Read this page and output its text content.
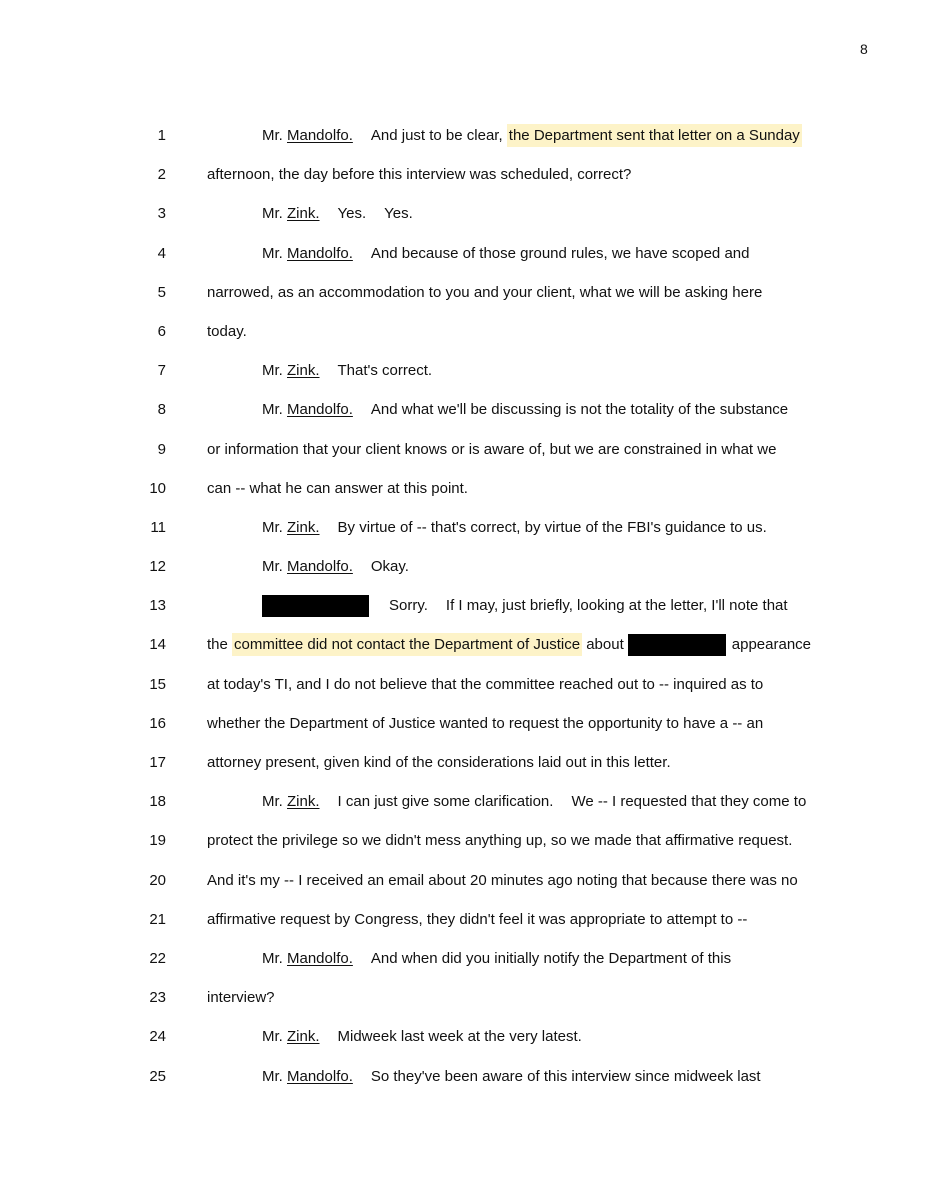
8
1	Mr. Mandolfo. And just to be clear, the Department sent that letter on a Sunday
2	afternoon, the day before this interview was scheduled, correct?
3	Mr. Zink. Yes. Yes.
4	Mr. Mandolfo. And because of those ground rules, we have scoped and
5	narrowed, as an accommodation to you and your client, what we will be asking here
6	today.
7	Mr. Zink. That's correct.
8	Mr. Mandolfo. And what we'll be discussing is not the totality of the substance
9	or information that your client knows or is aware of, but we are constrained in what we
10	can -- what he can answer at this point.
11	Mr. Zink. By virtue of -- that's correct, by virtue of the FBI's guidance to us.
12	Mr. Mandolfo. Okay.
13	Sorry. If I may, just briefly, looking at the letter, I'll note that
14	the committee did not contact the Department of Justice about	appearance
15	at today's TI, and I do not believe that the committee reached out to -- inquired as to
16	whether the Department of Justice wanted to request the opportunity to have a -- an
17	attorney present, given kind of the considerations laid out in this letter.
18	Mr. Zink. I can just give some clarification. We -- I requested that they come to
19	protect the privilege so we didn't mess anything up, so we made that affirmative request.
20	And it's my -- I received an email about 20 minutes ago noting that because there was no
21	affirmative request by Congress, they didn't feel it was appropriate to attempt to --
22	Mr. Mandolfo. And when did you initially notify the Department of this
23	interview?
24	Mr. Zink. Midweek last week at the very latest.
25	Mr. Mandolfo. So they've been aware of this interview since midweek last
